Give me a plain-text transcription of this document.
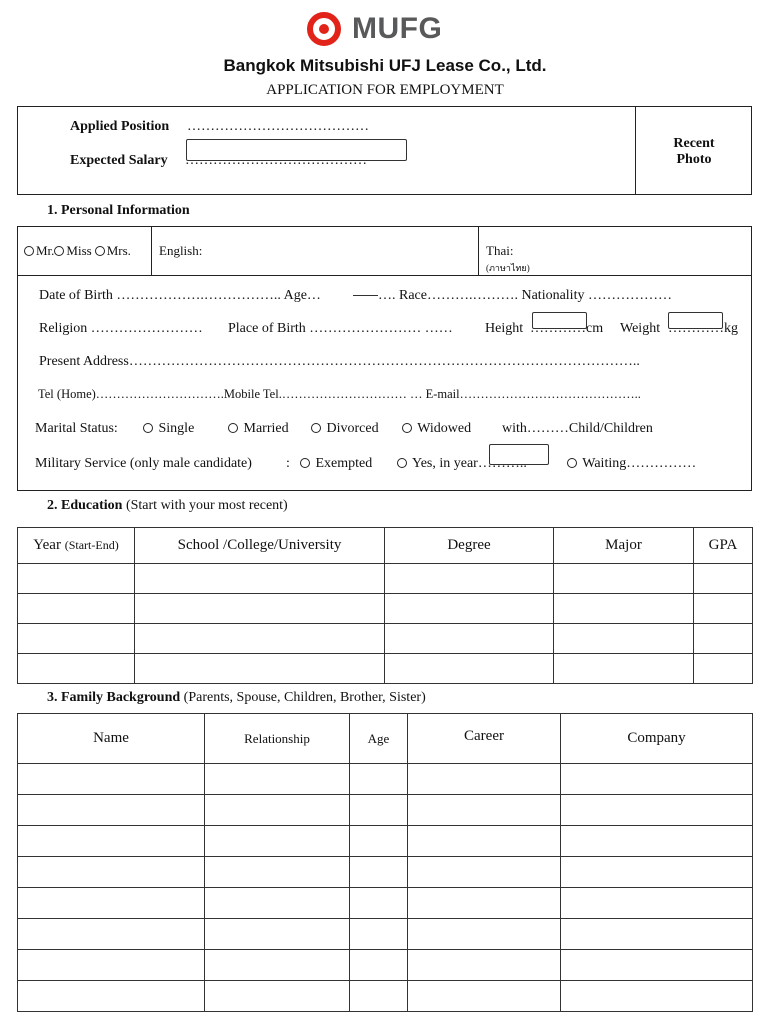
MUFG
Bangkok Mitsubishi UFJ Lease Co., Ltd.
APPLICATION FOR EMPLOYMENT
Applied Position …………………………………
Expected Salary …………………………………
Recent
Photo
1. Personal Information
Mr. Miss Mrs. English:	Thai:
(ภาษาไทย)
Date of Birth ……………….…………….. Age…	…. Race……….………. Nationality ………………
Religion …………………… Place of Birth …………………… …… Height …………cm Weight …………kg
Present Address………………………………………………………………………………………………..
Tel (Home)………………………….Mobile Tel.………………………… … E-mail……………………………………..
Marital Status:	Single	Married	Divorced	Widowed with………Child/Children
Military Service (only male candidate) :	Exempted	Yes, in year………..	Waiting……………
2. Education (Start with your most recent)
Year (Start-End)	School /College/University	Degree	Major	GPA

3. Family Background (Parents, Spouse, Children, Brother, Sister)
Name	Relationship	Age	Career	Company
